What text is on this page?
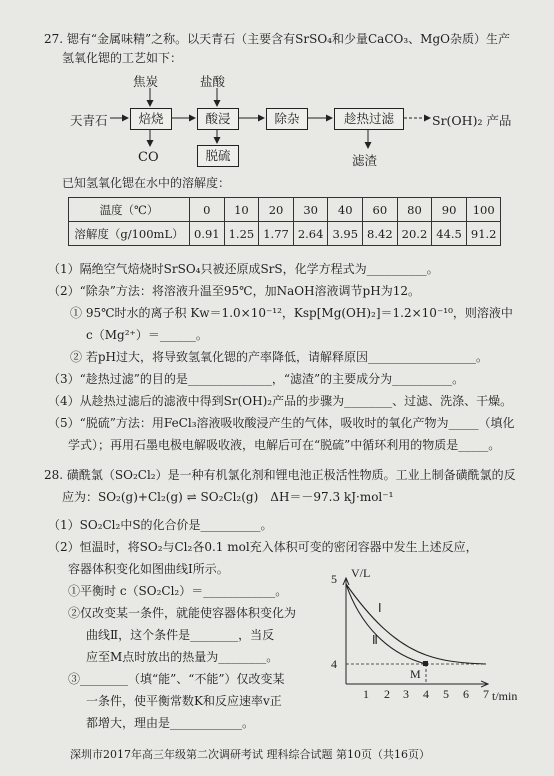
27. 锶有“金属味精”之称。以天青石（主要含有SrSO₄和少量CaCO₃、MgO杂质）生产
氢氧化锶的工艺如下：
焦炭	盐酸
天青石	焙烧	酸浸	除杂	趁热过滤	Sr(OH)₂ 产品
CO	脱硫	滤渣
已知氢氧化锶在水中的溶解度：
温度（℃）	0	10	20	30	40	60	80	90	100
溶解度（g/100mL）	0.91	1.25	1.77	2.64	3.95	8.42	20.2	44.5	91.2
（1）隔绝空气焙烧时SrSO₄只被还原成SrS，化学方程式为__________。
（2）“除杂”方法：将溶液升温至95℃，加NaOH溶液调节pH为12。
① 95℃时水的离子积 Kw＝1.0×10⁻¹²，Ksp[Mg(OH)₂]＝1.2×10⁻¹⁰，则溶液中
c（Mg²⁺）＝______。
② 若pH过大，将导致氢氧化锶的产率降低，请解释原因__________________。
（3）“趁热过滤”的目的是______________，“滤渣”的主要成分为__________。
（4）从趁热过滤后的滤液中得到Sr(OH)₂产品的步骤为________、过滤、洗涤、干燥。
（5）“脱硫”方法：用FeCl₃溶液吸收酸浸产生的气体，吸收时的氧化产物为_____（填化
学式）；再用石墨电极电解吸收液，电解后可在“脱硫”中循环利用的物质是_____。
28. 磺酰氯（SO₂Cl₂）是一种有机氯化剂和锂电池正极活性物质。工业上制备磺酰氯的反
应为：SO₂(g)+Cl₂(g) ⇌ SO₂Cl₂(g)　ΔH＝－97.3 kJ·mol⁻¹
（1）SO₂Cl₂中S的化合价是__________。
（2）恒温时，将SO₂与Cl₂各0.1 mol充入体积可变的密闭容器中发生上述反应，
容器体积变化如图曲线Ⅰ所示。
①平衡时 c（SO₂Cl₂）＝____________。
②仅改变某一条件，就能使容器体积变化为
曲线Ⅱ，这个条件是________，当反
应至M点时放出的热量为________。
③________（填“能”、“不能”）仅改变某
一条件，使平衡常数K和反应速率v正
都增大，理由是____________。
5 V/L
4
t/min
Ⅰ
Ⅱ
M
1 2 3 4 5 6 7
深圳市2017年高三年级第二次调研考试 理科综合试题 第10页（共16页）
